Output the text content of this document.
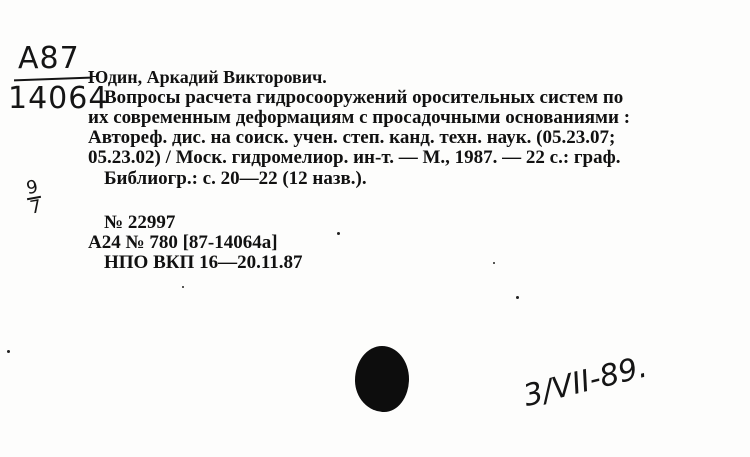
A87
14064
9
7
Юдин, Аркадий Викторович.
Вопросы расчета гидросооружений оросительных систем по
их современным деформациям с просадочными основаниями :
Автореф. дис. на соиск. учен. степ. канд. техн. наук. (05.23.07;
05.23.02) / Моск. гидромелиор. ин-т. — М., 1987. — 22 с.: граф.
Библиогр.: с. 20—22 (12 назв.).
№ 22997
А24 № 780 [87-14064а]
НПО ВКП 16—20.11.87
3/VII-89.
